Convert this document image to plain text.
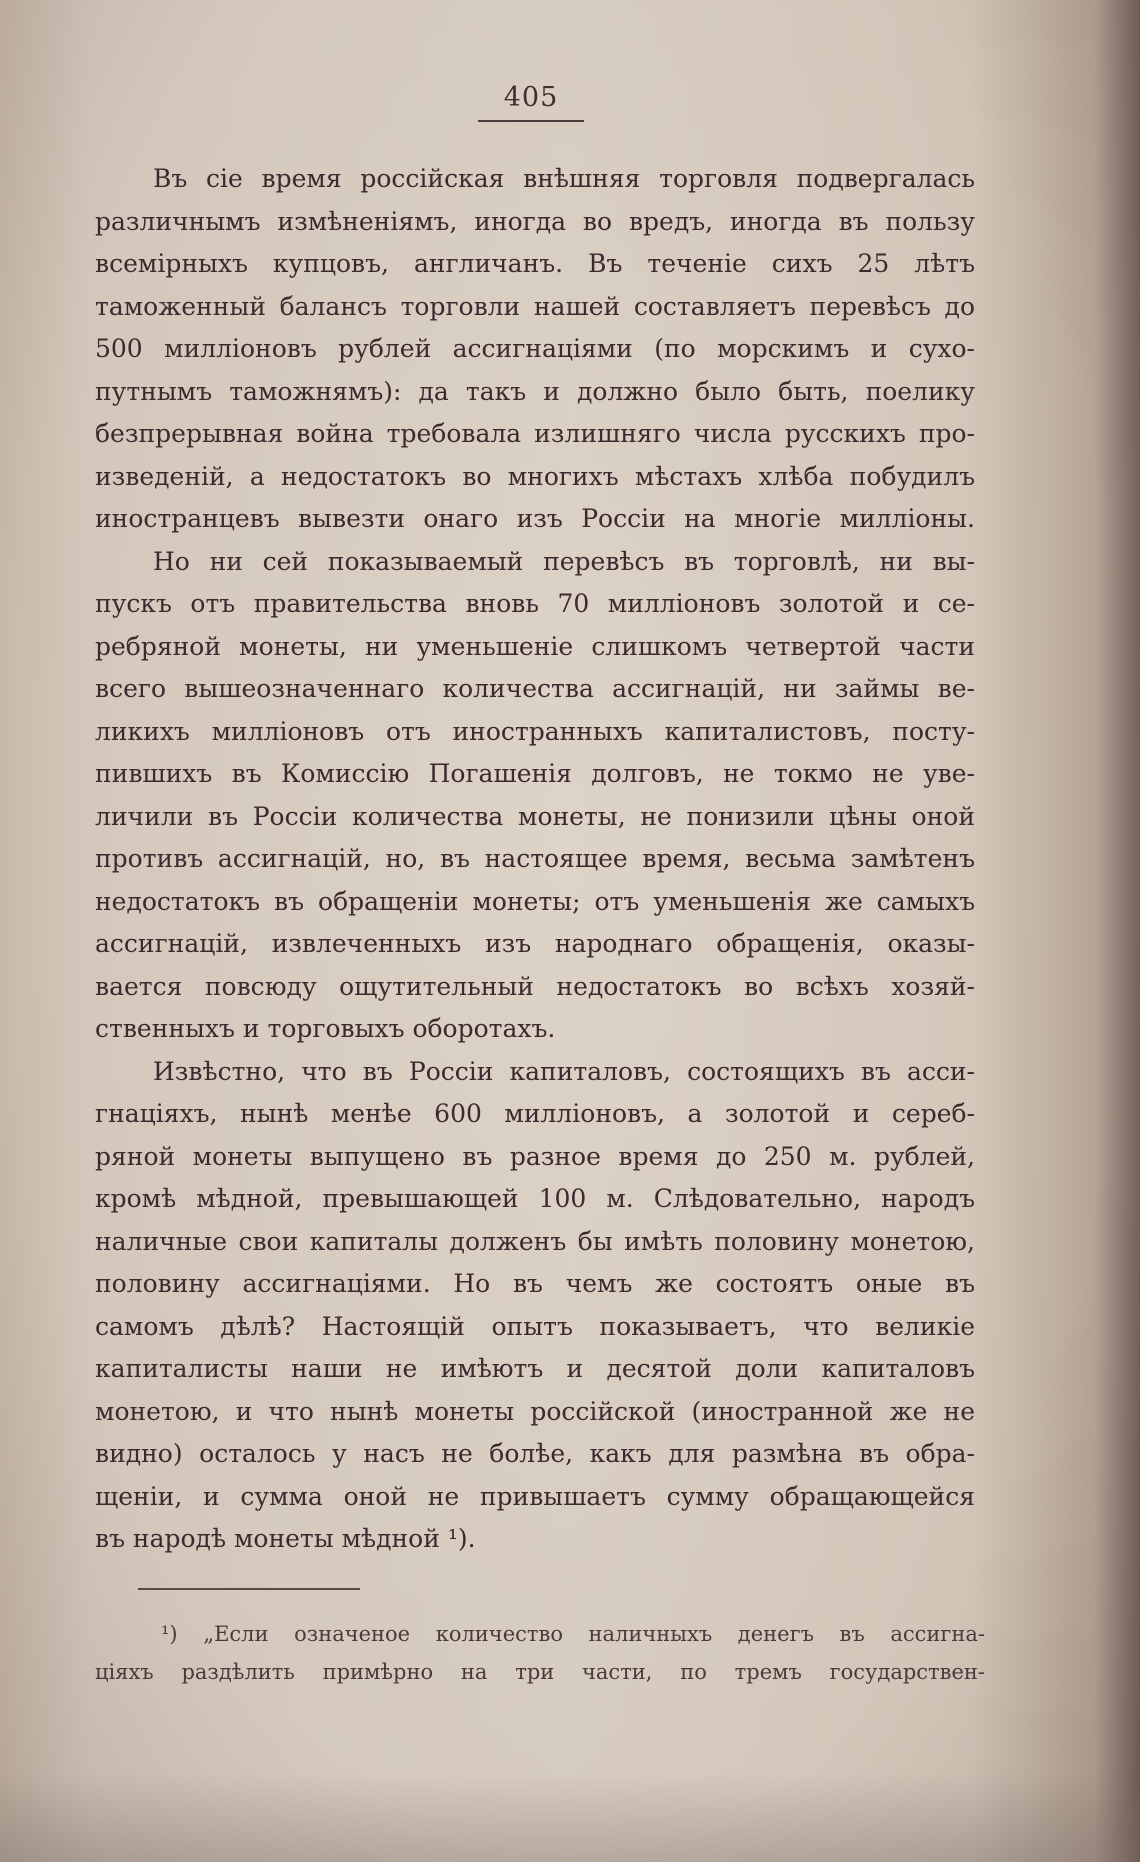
405
Въ сіе время россійская внѣшняя торговля подвергалась
различнымъ измѣненіямъ, иногда во вредъ, иногда въ пользу
всемірныхъ купцовъ, англичанъ. Въ теченіе сихъ 25 лѣтъ
таможенный балансъ торговли нашей составляетъ перевѣсъ до
500 милліоновъ рублей ассигнаціями (по морскимъ и сухо-
путнымъ таможнямъ): да такъ и должно было быть, поелику
безпрерывная война требовала излишняго числа русскихъ про-
изведеній, а недостатокъ во многихъ мѣстахъ хлѣба побудилъ
иностранцевъ вывезти онаго изъ Россіи на многіе милліоны.
Но ни сей показываемый перевѣсъ въ торговлѣ, ни вы-
пускъ отъ правительства вновь 70 милліоновъ золотой и се-
ребряной монеты, ни уменьшеніе слишкомъ четвертой части
всего вышеозначеннаго количества ассигнацій, ни займы ве-
ликихъ милліоновъ отъ иностранныхъ капиталистовъ, посту-
пившихъ въ Комиссію Погашенія долговъ, не токмо не уве-
личили въ Россіи количества монеты, не понизили цѣны оной
противъ ассигнацій, но, въ настоящее время, весьма замѣтенъ
недостатокъ въ обращеніи монеты; отъ уменьшенія же самыхъ
ассигнацій, извлеченныхъ изъ народнаго обращенія, оказы-
вается повсюду ощутительный недостатокъ во всѣхъ хозяй-
ственныхъ и торговыхъ оборотахъ.
Извѣстно, что въ Россіи капиталовъ, состоящихъ въ асси-
гнаціяхъ, нынѣ менѣе 600 милліоновъ, а золотой и сереб-
ряной монеты выпущено въ разное время до 250 м. рублей,
кромѣ мѣдной, превышающей 100 м. Слѣдовательно, народъ
наличные свои капиталы долженъ бы имѣть половину монетою,
половину ассигнаціями. Но въ чемъ же состоятъ оные въ
самомъ дѣлѣ? Настоящій опытъ показываетъ, что великіе
капиталисты наши не имѣютъ и десятой доли капиталовъ
монетою, и что нынѣ монеты россійской (иностранной же не
видно) осталось у насъ не болѣе, какъ для размѣна въ обра-
щеніи, и сумма оной не привышаетъ сумму обращающейся
въ народѣ монеты мѣдной ¹).
¹) „Если означеное количество наличныхъ денегъ въ ассигна-
ціяхъ раздѣлить примѣрно на три части, по тремъ государствен-
